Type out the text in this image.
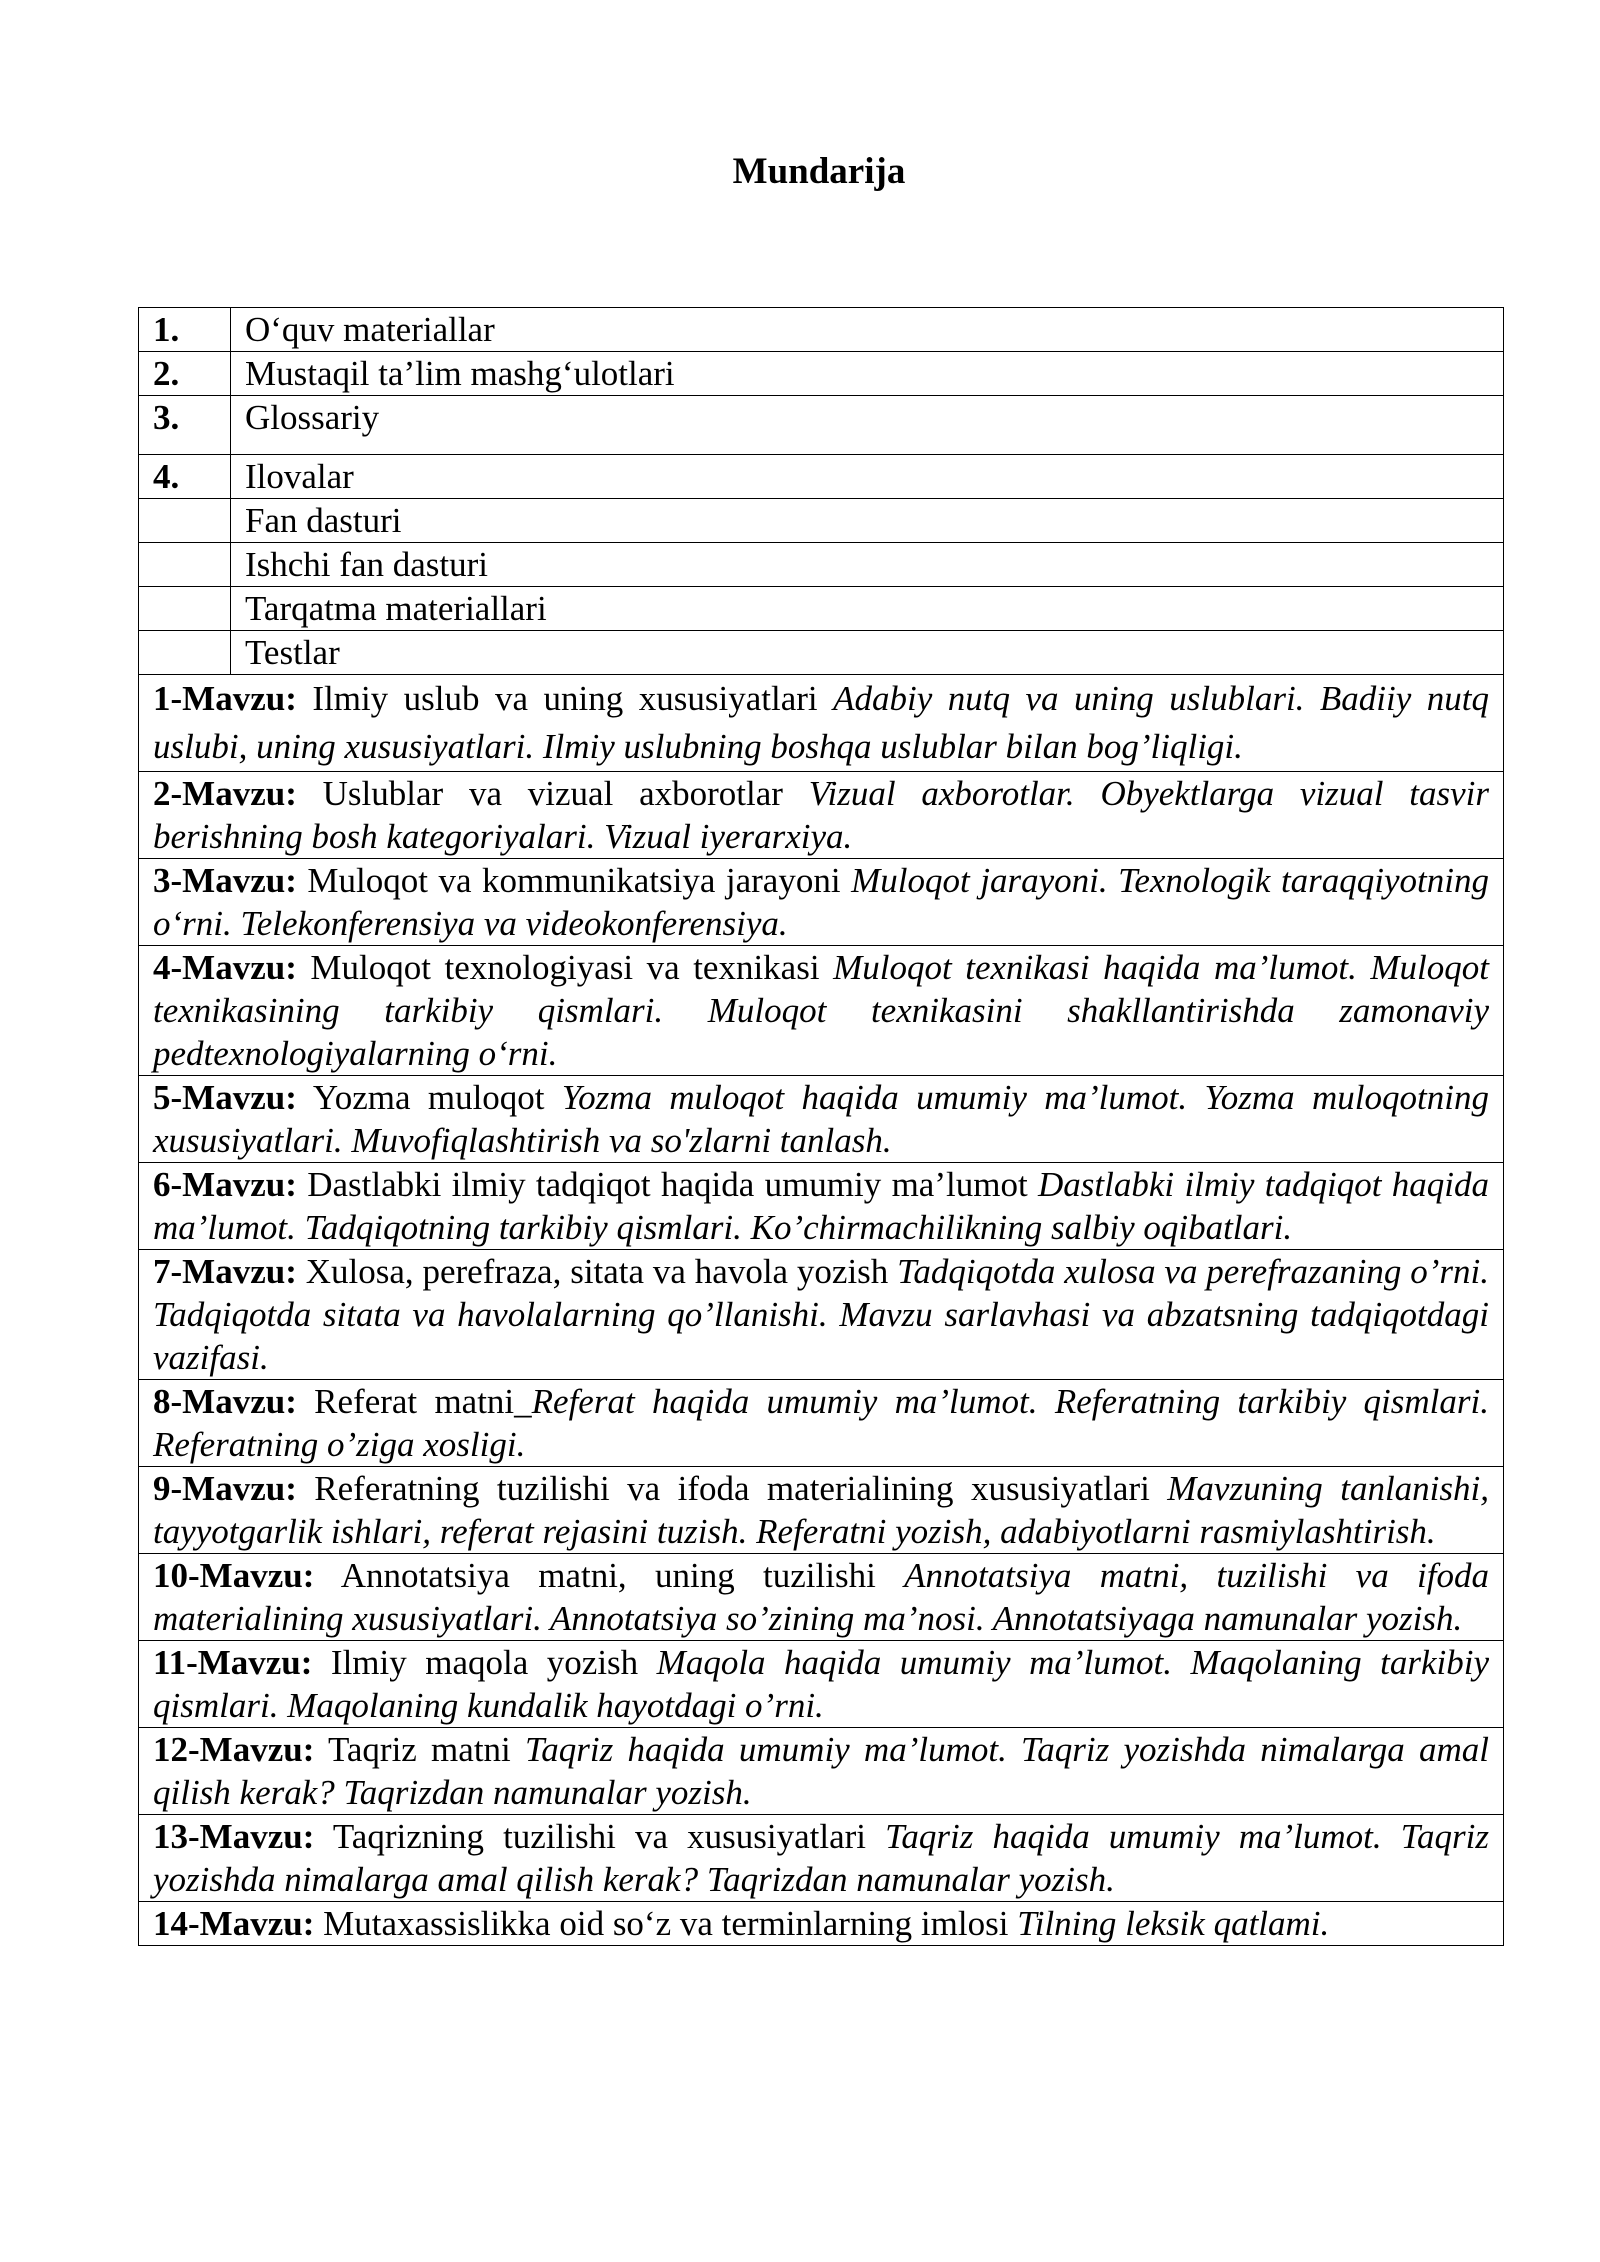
Mundarija
1.	O‘quv materiallar
2.	Mustaqil ta’lim mashg‘ulotlari
3.	Glossariy
4.	Ilovalar
	Fan dasturi
	Ishchi fan dasturi
	Tarqatma materiallari
	Testlar
1-Mavzu: Ilmiy uslub va uning xususiyatlari Adabiy nutq va uning uslublari. Badiiy nutq uslubi, uning xususiyatlari. Ilmiy uslubning boshqa uslublar bilan bog’liqligi.	
2-Mavzu: Uslublar va vizual axborotlar Vizual axborotlar. Obyektlarga vizual tasvir berishning bosh kategoriyalari. Vizual iyerarxiya.	
3-Mavzu: Muloqot va kommunikatsiya jarayoni Muloqot jarayoni. Texnologik taraqqiyotning o‘rni. Telekonferensiya va videokonferensiya.	
4-Mavzu: Muloqot texnologiyasi va texnikasi Muloqot texnikasi haqida ma’lumot. Muloqot texnikasining tarkibiy qismlari. Muloqot texnikasini shakllantirishda zamonaviy pedtexnologiyalarning o‘rni.	
5-Mavzu: Yozma muloqot Yozma muloqot haqida umumiy ma’lumot. Yozma muloqotning xususiyatlari. Muvofiqlashtirish va so'zlarni tanlash.	
6-Mavzu: Dastlabki ilmiy tadqiqot haqida umumiy ma’lumot Dastlabki ilmiy tadqiqot haqida ma’lumot. Tadqiqotning tarkibiy qismlari. Ko’chirmachilikning salbiy oqibatlari.	
7-Mavzu: Xulosa, perefraza, sitata va havola yozish Tadqiqotda xulosa va perefrazaning o’rni. Tadqiqotda sitata va havolalarning qo’llanishi. Mavzu sarlavhasi va abzatsning tadqiqotdagi vazifasi.	
8-Mavzu: Referat matni_Referat haqida umumiy ma’lumot. Referatning tarkibiy qismlari. Referatning o’ziga xosligi.	
9-Mavzu: Referatning tuzilishi va ifoda materialining xususiyatlari Mavzuning tanlanishi, tayyotgarlik ishlari, referat rejasini tuzish. Referatni yozish, adabiyotlarni rasmiylashtirish.	
10-Mavzu: Annotatsiya matni, uning tuzilishi Annotatsiya matni, tuzilishi va ifoda materialining xususiyatlari. Annotatsiya so’zining ma’nosi. Annotatsiyaga namunalar yozish.	
11-Mavzu: Ilmiy maqola yozish Maqola haqida umumiy ma’lumot. Maqolaning tarkibiy qismlari. Maqolaning kundalik hayotdagi o’rni.	
12-Mavzu: Taqriz matni Taqriz haqida umumiy ma’lumot. Taqriz yozishda nimalarga amal qilish kerak? Taqrizdan namunalar yozish.	
13-Mavzu: Taqrizning tuzilishi va xususiyatlari Taqriz haqida umumiy ma’lumot. Taqriz yozishda nimalarga amal qilish kerak? Taqrizdan namunalar yozish.	
14-Mavzu: Mutaxassislikka oid so‘z va terminlarning imlosi Tilning leksik qatlami.	
